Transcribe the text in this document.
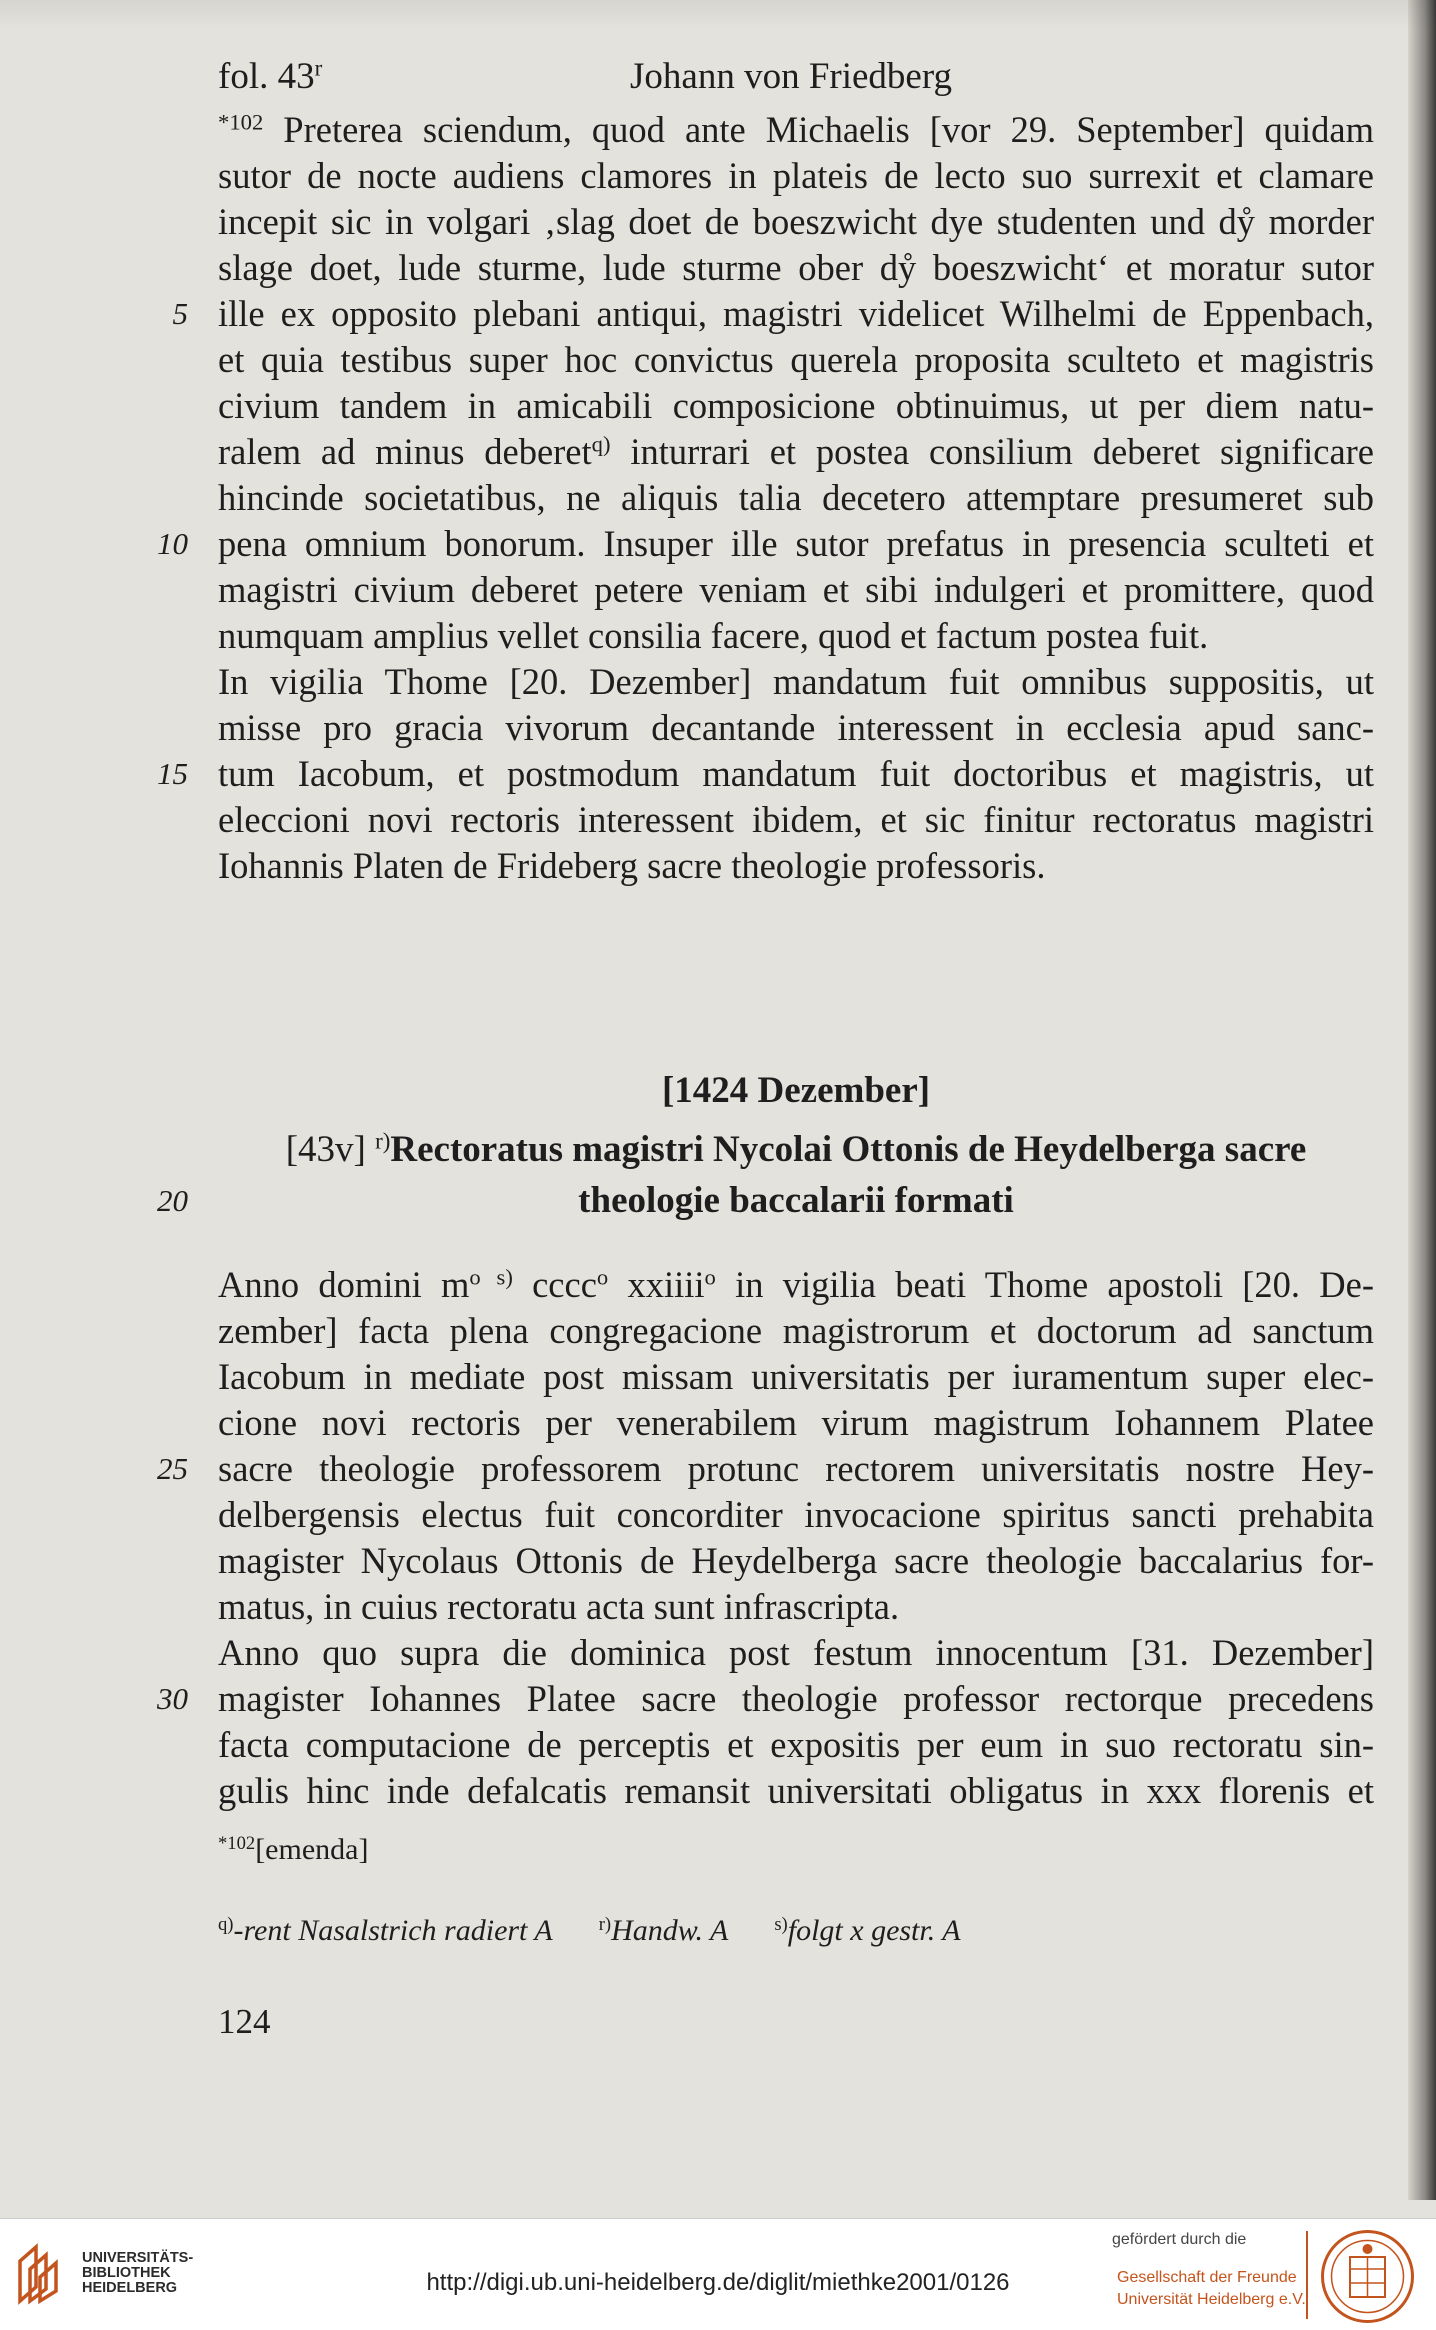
fol. 43$^r$	Johann von Friedberg
$^{*102}$ Preterea sciendum, quod ante Michaelis [vor 29. September] quidam
sutor de nocte audiens clamores in plateis de lecto suo surrexit et clamare
incepit sic in volgari ‚slag doet de boeszwicht dye studenten und dẙ morder
slage doet, lude sturme, lude sturme ober dẙ boeszwicht‘ et moratur sutor
5 ille ex opposito plebani antiqui, magistri videlicet Wilhelmi de Eppenbach,
et quia testibus super hoc convictus querela proposita sculteto et magistris
civium tandem in amicabili composicione obtinuimus, ut per diem natu-
ralem ad minus deberet$^{q)}$ inturrari et postea consilium deberet significare
hincinde societatibus, ne aliquis talia decetero attemptare presumeret sub
10 pena omnium bonorum. Insuper ille sutor prefatus in presencia sculteti et
magistri civium deberet petere veniam et sibi indulgeri et promittere, quod
numquam amplius vellet consilia facere, quod et factum postea fuit.
In vigilia Thome [20. Dezember] mandatum fuit omnibus suppositis, ut
misse pro gracia vivorum decantande interessent in ecclesia apud sanc-
15 tum Iacobum, et postmodum mandatum fuit doctoribus et magistris, ut
eleccioni novi rectoris interessent ibidem, et sic finitur rectoratus magistri
Iohannis Platen de Frideberg sacre theologie professoris.
[1424 Dezember]
[43v] $^{r)}$Rectoratus magistri Nycolai Ottonis de Heydelberga sacre
20	theologie baccalarii formati
Anno domini $m^{o s)}$ cccc$^o$ xxiiii$^o$ in vigilia beati Thome apostoli [20. De-
zember] facta plena congregacione magistrorum et doctorum ad sanctum
Iacobum in mediate post missam universitatis per iuramentum super elec-
cione novi rectoris per venerabilem virum magistrum Iohannem Platee
25 sacre theologie professorem protunc rectorem universitatis nostre Hey-
delbergensis electus fuit concorditer invocacione spiritus sancti prehabita
magister Nycolaus Ottonis de Heydelberga sacre theologie baccalarius for-
matus, in cuius rectoratu acta sunt infrascripta.
Anno quo supra die dominica post festum innocentum [31. Dezember]
30 magister Iohannes Platee sacre theologie professor rectorque precedens
facta computacione de perceptis et expositis per eum in suo rectoratu sin-
gulis hinc inde defalcatis remansit universitati obligatus in xxx florenis et
$^{*102}$[emenda]
$^{q)}$-rent Nasalstrich radiert A $^{r)}$Handw. A $^{s)}$folgt x gestr. A
124
UNIVERSITÄTS-
BIBLIOTHEK
HEIDELBERG	http://digi.ub.uni-heidelberg.de/diglit/miethke2001/0126
gefördert durch die
Gesellschaft der Freunde
Universität Heidelberg e.V.
